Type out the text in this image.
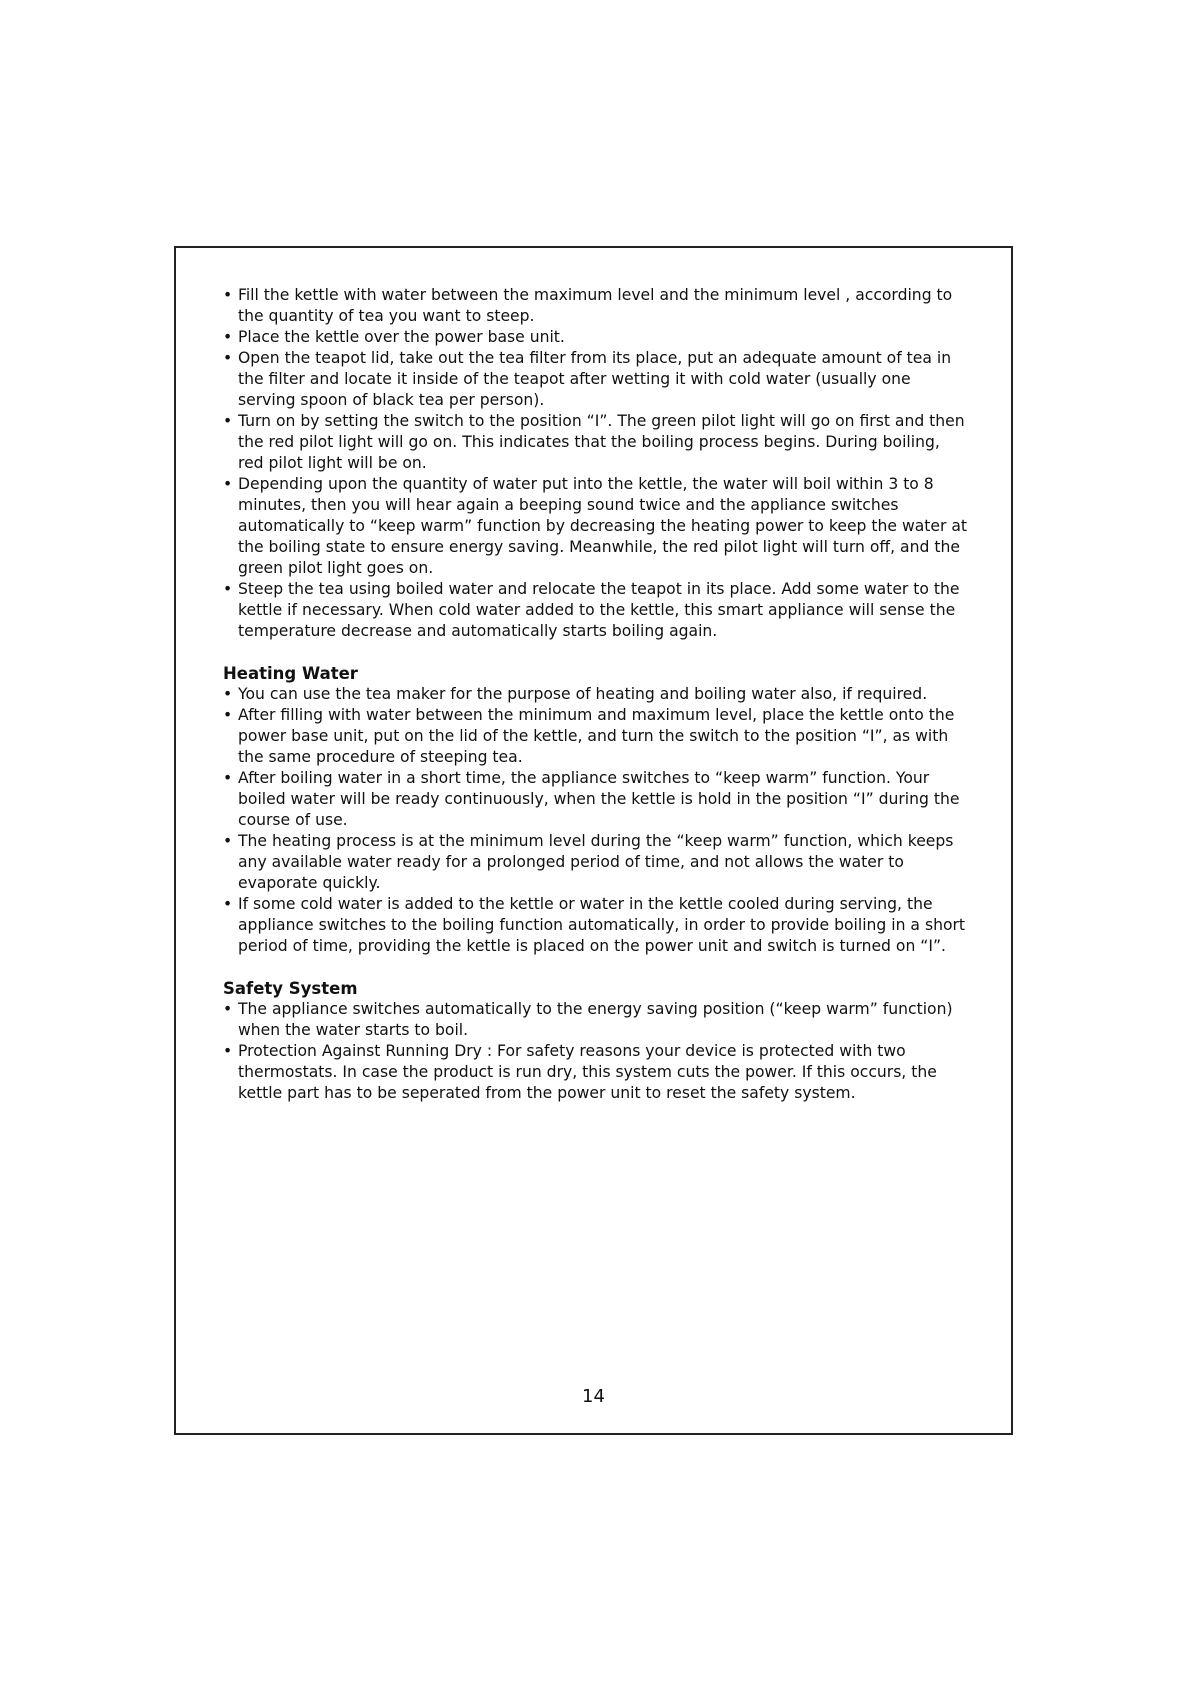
• Fill the kettle with water between the maximum level and the minimum level , according to the quantity of tea you want to steep.
• Place the kettle over the power base unit.
• Open the teapot lid, take out the tea filter from its place, put an adequate amount of tea in the filter and locate it inside of the teapot after wetting it with cold water (usually one serving spoon of black tea per person).
• Turn on by setting the switch to the position “I”. The green pilot light will go on first and then the red pilot light will go on. This indicates that the boiling process begins. During boiling, red pilot light will be on.
• Depending upon the quantity of water put into the kettle, the water will boil within 3 to 8 minutes, then you will hear again a beeping sound twice and the appliance switches automatically to “keep warm” function by decreasing the heating power to keep the water at the boiling state to ensure energy saving. Meanwhile, the red pilot light will turn off, and the green pilot light goes on.
• Steep the tea using boiled water and relocate the teapot in its place. Add some water to the kettle if necessary. When cold water added to the kettle, this smart appliance will sense the temperature decrease and automatically starts boiling again.
Heating Water
• You can use the tea maker for the purpose of heating and boiling water also, if required.
• After filling with water between the minimum and maximum level, place the kettle onto the power base unit, put on the lid of the kettle, and turn the switch to the position “I”, as with the same procedure of steeping tea.
• After boiling water in a short time, the appliance switches to “keep warm” function. Your boiled water will be ready continuously, when the kettle is hold in the position “I” during the course of use.
• The heating process is at the minimum level during the “keep warm” function, which keeps any available water ready for a prolonged period of time, and not allows the water to evaporate quickly.
• If some cold water is added to the kettle or water in the kettle cooled during serving, the appliance switches to the boiling function automatically, in order to provide boiling in a short period of time, providing the kettle is placed on the power unit and switch is turned on “I”.
Safety System
• The appliance switches automatically to the energy saving position (“keep warm” function) when the water starts to boil.
• Protection Against Running Dry : For safety reasons your device is protected with two thermostats. In case the product is run dry, this system cuts the power. If this occurs, the kettle part has to be seperated from the power unit to reset the safety system.
14
